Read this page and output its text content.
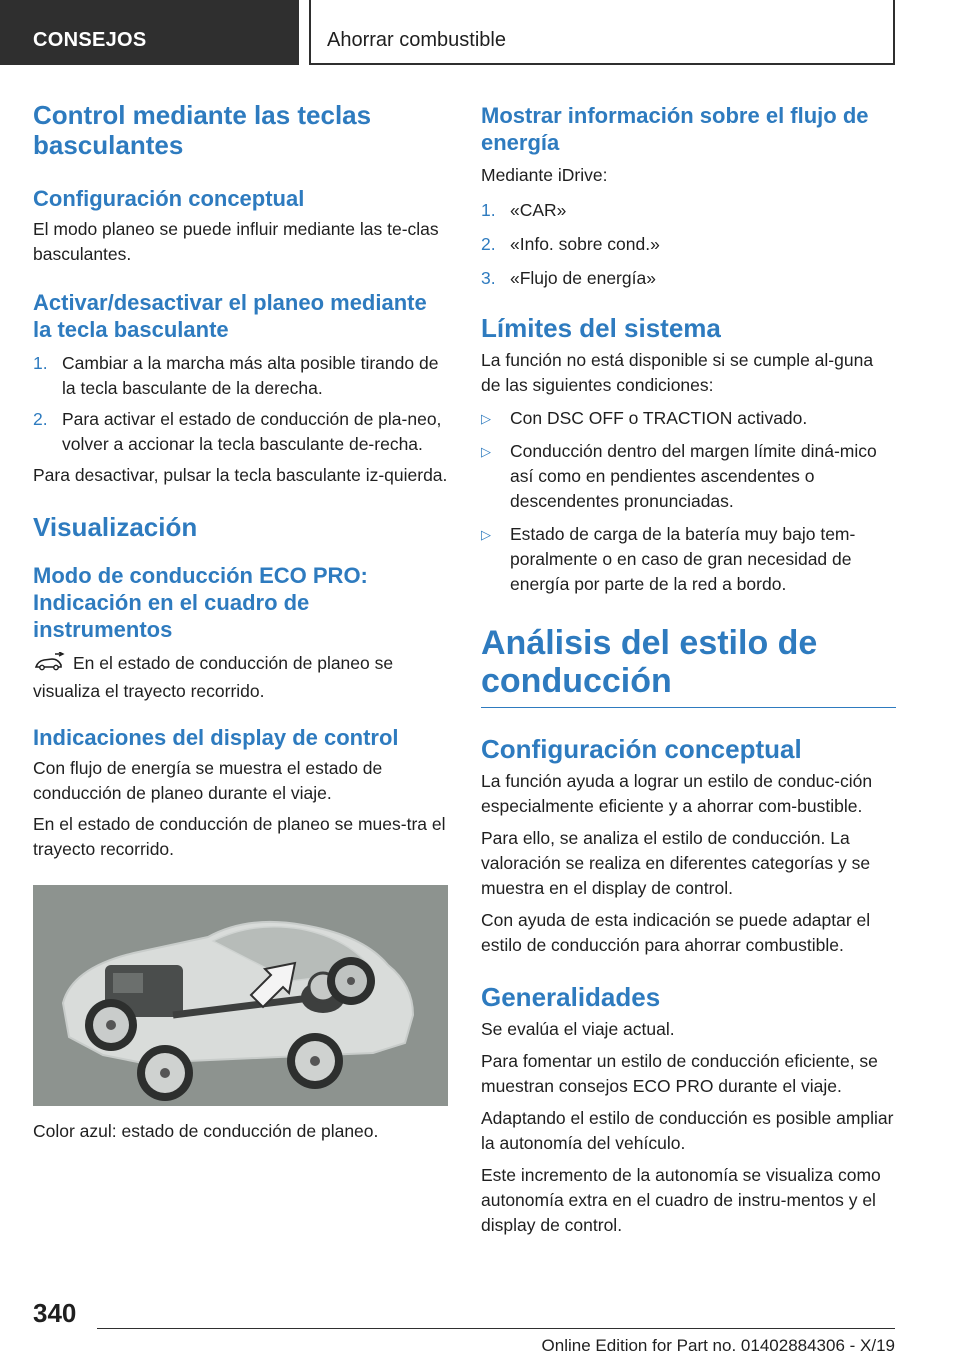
CONSEJOS	Ahorrar combustible
Control mediante las teclas basculantes
Configuración conceptual

El modo planeo se puede influir mediante las te-clas basculantes.

Activar/desactivar el planeo mediante la tecla basculante
1. Cambiar a la marcha más alta posible tirando de la tecla basculante de la derecha.
2. Para activar el estado de conducción de pla-neo, volver a accionar la tecla basculante de-recha.

Para desactivar, pulsar la tecla basculante iz-quierda.

Visualización
Modo de conducción ECO PRO: Indicación en el cuadro de instrumentos

En el estado de conducción de planeo se visualiza el trayecto recorrido.

Indicaciones del display de control

Con flujo de energía se muestra el estado de conducción de planeo durante el viaje.

En el estado de conducción de planeo se mues-tra el trayecto recorrido.

Color azul: estado de conducción de planeo.

Mostrar información sobre el flujo de energía

Mediante iDrive:

1. «CAR»
2. «Info. sobre cond.»
3. «Flujo de energía»
Límites del sistema

La función no está disponible si se cumple al-guna de las siguientes condiciones:

▷ Con DSC OFF o TRACTION activado.
▷ Conducción dentro del margen límite diná-mico así como en pendientes ascendentes o descendentes pronunciadas.
▷ Estado de carga de la batería muy bajo tem-poralmente o en caso de gran necesidad de energía por parte de la red a bordo.
Análisis del estilo de conducción
Configuración conceptual

La función ayuda a lograr un estilo de conduc-ción especialmente eficiente y a ahorrar com-bustible.

Para ello, se analiza el estilo de conducción. La valoración se realiza en diferentes categorías y se muestra en el display de control.

Con ayuda de esta indicación se puede adaptar el estilo de conducción para ahorrar combustible.

Generalidades

Se evalúa el viaje actual.

Para fomentar un estilo de conducción eficiente, se muestran consejos ECO PRO durante el viaje.

Adaptando el estilo de conducción es posible ampliar la autonomía del vehículo.

Este incremento de la autonomía se visualiza como autonomía extra en el cuadro de instru-mentos y el display de control.

340
Online Edition for Part no. 01402884306 - X/19
